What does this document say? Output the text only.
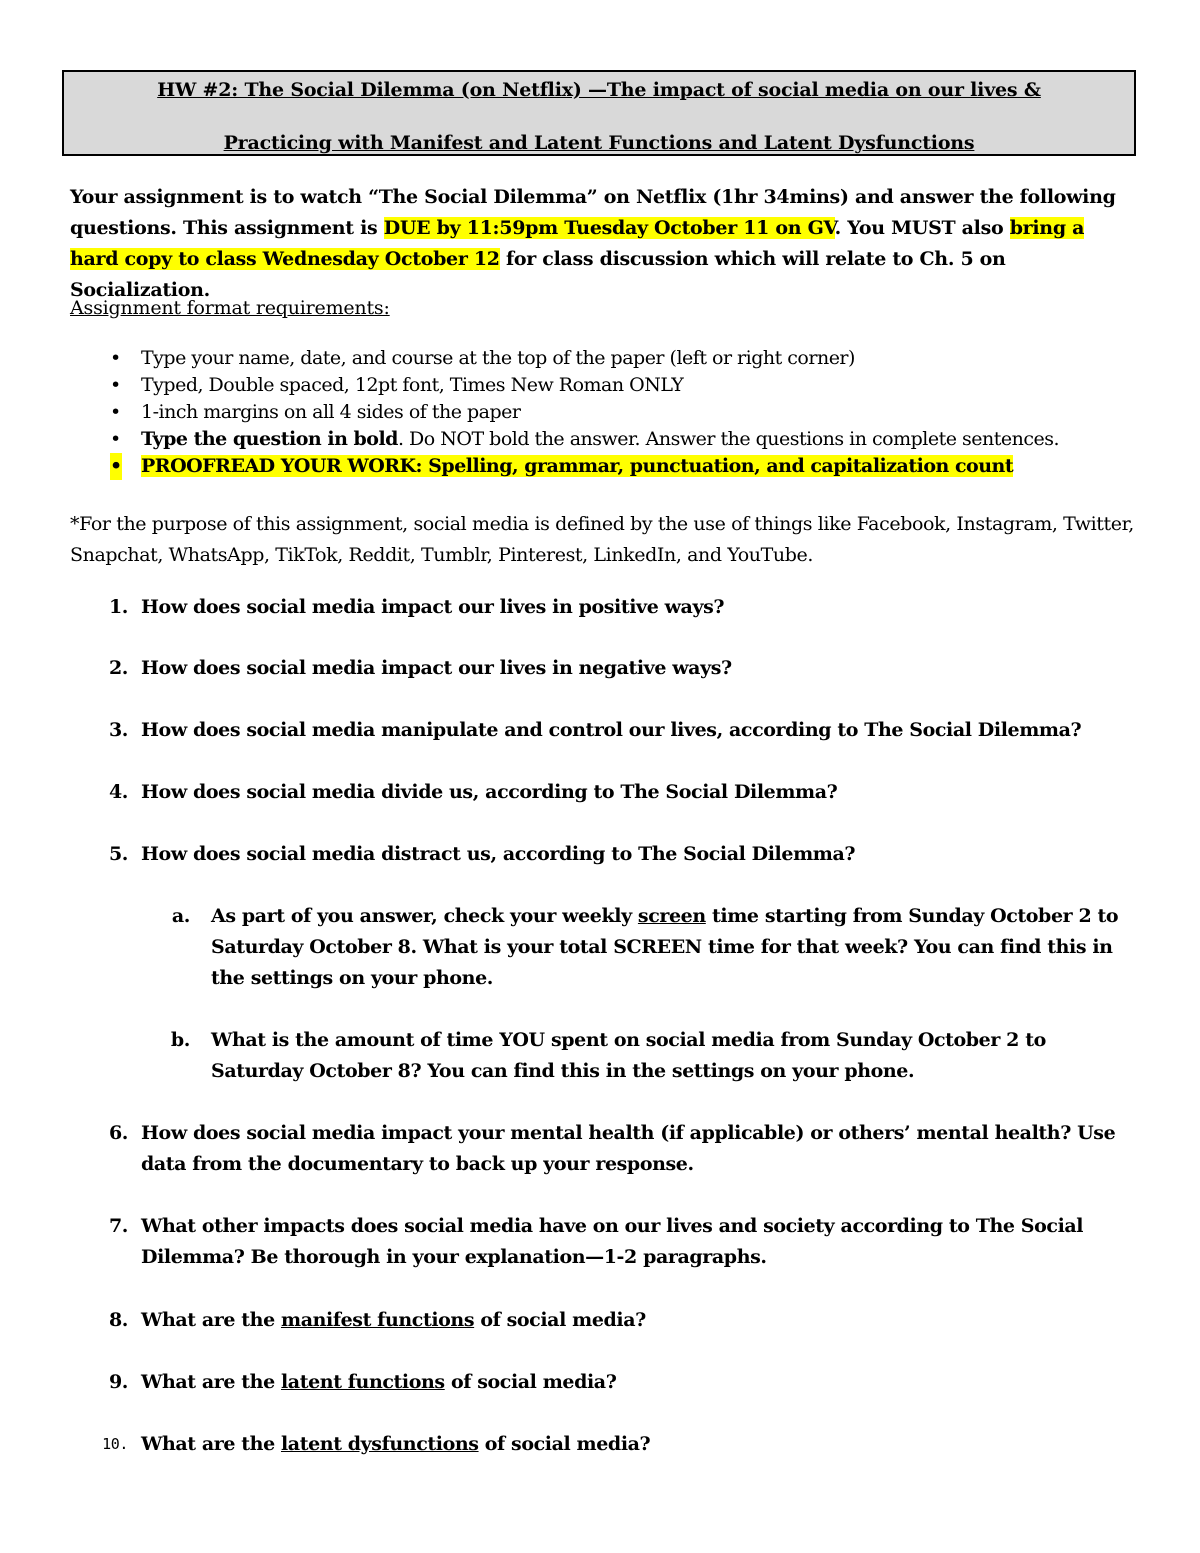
HW #2: The Social Dilemma (on Netflix) —The impact of social media on our lives &
Practicing with Manifest and Latent Functions and Latent Dysfunctions
Your assignment is to watch “The Social Dilemma” on Netflix (1hr 34mins) and answer the following questions. This assignment is DUE by 11:59pm Tuesday October 11 on GV. You MUST also bring a hard copy to class Wednesday October 12 for class discussion which will relate to Ch. 5 on Socialization.
Assignment format requirements:
• Type your name, date, and course at the top of the paper (left or right corner)
• Typed, Double spaced, 12pt font, Times New Roman ONLY
• 1-inch margins on all 4 sides of the paper
• Type the question in bold. Do NOT bold the answer. Answer the questions in complete sentences.
• PROOFREAD YOUR WORK: Spelling, grammar, punctuation, and capitalization count
*For the purpose of this assignment, social media is defined by the use of things like Facebook, Instagram, Twitter, Snapchat, WhatsApp, TikTok, Reddit, Tumblr, Pinterest, LinkedIn, and YouTube.
1. How does social media impact our lives in positive ways?
2. How does social media impact our lives in negative ways?
3. How does social media manipulate and control our lives, according to The Social Dilemma?
4. How does social media divide us, according to The Social Dilemma?
5. How does social media distract us, according to The Social Dilemma?
a. As part of you answer, check your weekly screen time starting from Sunday October 2 to Saturday October 8. What is your total SCREEN time for that week? You can find this in the settings on your phone.
b. What is the amount of time YOU spent on social media from Sunday October 2 to Saturday October 8? You can find this in the settings on your phone.
6. How does social media impact your mental health (if applicable) or others’ mental health? Use data from the documentary to back up your response.
7. What other impacts does social media have on our lives and society according to The Social Dilemma? Be thorough in your explanation—1-2 paragraphs.
8. What are the manifest functions of social media?
9. What are the latent functions of social media?
10. What are the latent dysfunctions of social media?
